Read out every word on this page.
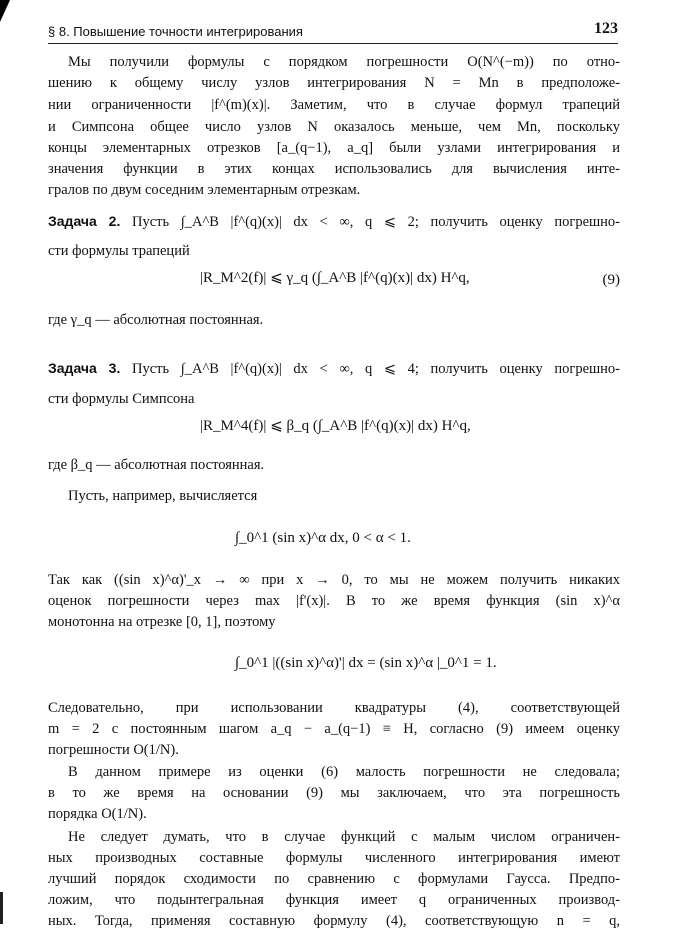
§ 8. Повышение точности интегрирования	123
Мы получили формулы с порядком погрешности O(N^(−m)) по отно-
шению к общему числу узлов интегрирования N = Mn в предположе-
нии ограниченности |f^(m)(x)|. Заметим, что в случае формул трапеций
и Симпсона общее число узлов N оказалось меньше, чем Mn, поскольку
концы элементарных отрезков [a_(q−1), a_q] были узлами интегрирования и
значения функции в этих концах использовались для вычисления инте-
гралов по двум соседним элементарным отрезкам.
Задача 2. Пусть ∫_A^B |f^(q)(x)| dx < ∞, q ⩽ 2; получить оценку погрешно-
сти формулы трапеций
|R_M^2(f)| ⩽ γ_q (∫_A^B |f^(q)(x)| dx) H^q,	(9)
где γ_q — абсолютная постоянная.
Задача 3. Пусть ∫_A^B |f^(q)(x)| dx < ∞, q ⩽ 4; получить оценку погрешно-
сти формулы Симпсона
|R_M^4(f)| ⩽ β_q (∫_A^B |f^(q)(x)| dx) H^q,
где β_q — абсолютная постоянная.
Пусть, например, вычисляется
∫_0^1 (sin x)^α dx, 0 < α < 1.
Так как ((sin x)^α)'_x → ∞ при x → 0, то мы не можем получить никаких
оценок погрешности через max |f'(x)|. В то же время функция (sin x)^α
монотонна на отрезке [0, 1], поэтому
∫_0^1 |((sin x)^α)'| dx = (sin x)^α |_0^1 = 1.
Следовательно, при использовании квадратуры (4), соответствующей
m = 2 с постоянным шагом a_q − a_(q−1) ≡ H, согласно (9) имеем оценку
погрешности O(1/N).
В данном примере из оценки (6) малость погрешности не следовала;
в то же время на основании (9) мы заключаем, что эта погрешность
порядка O(1/N).
Не следует думать, что в случае функций с малым числом ограничен-
ных производных составные формулы численного интегрирования имеют
лучший порядок сходимости по сравнению с формулами Гаусса. Предпо-
ложим, что подынтегральная функция имеет q ограниченных производ-
ных. Тогда, применяя составную формулу (4), соответствующую n = q,
